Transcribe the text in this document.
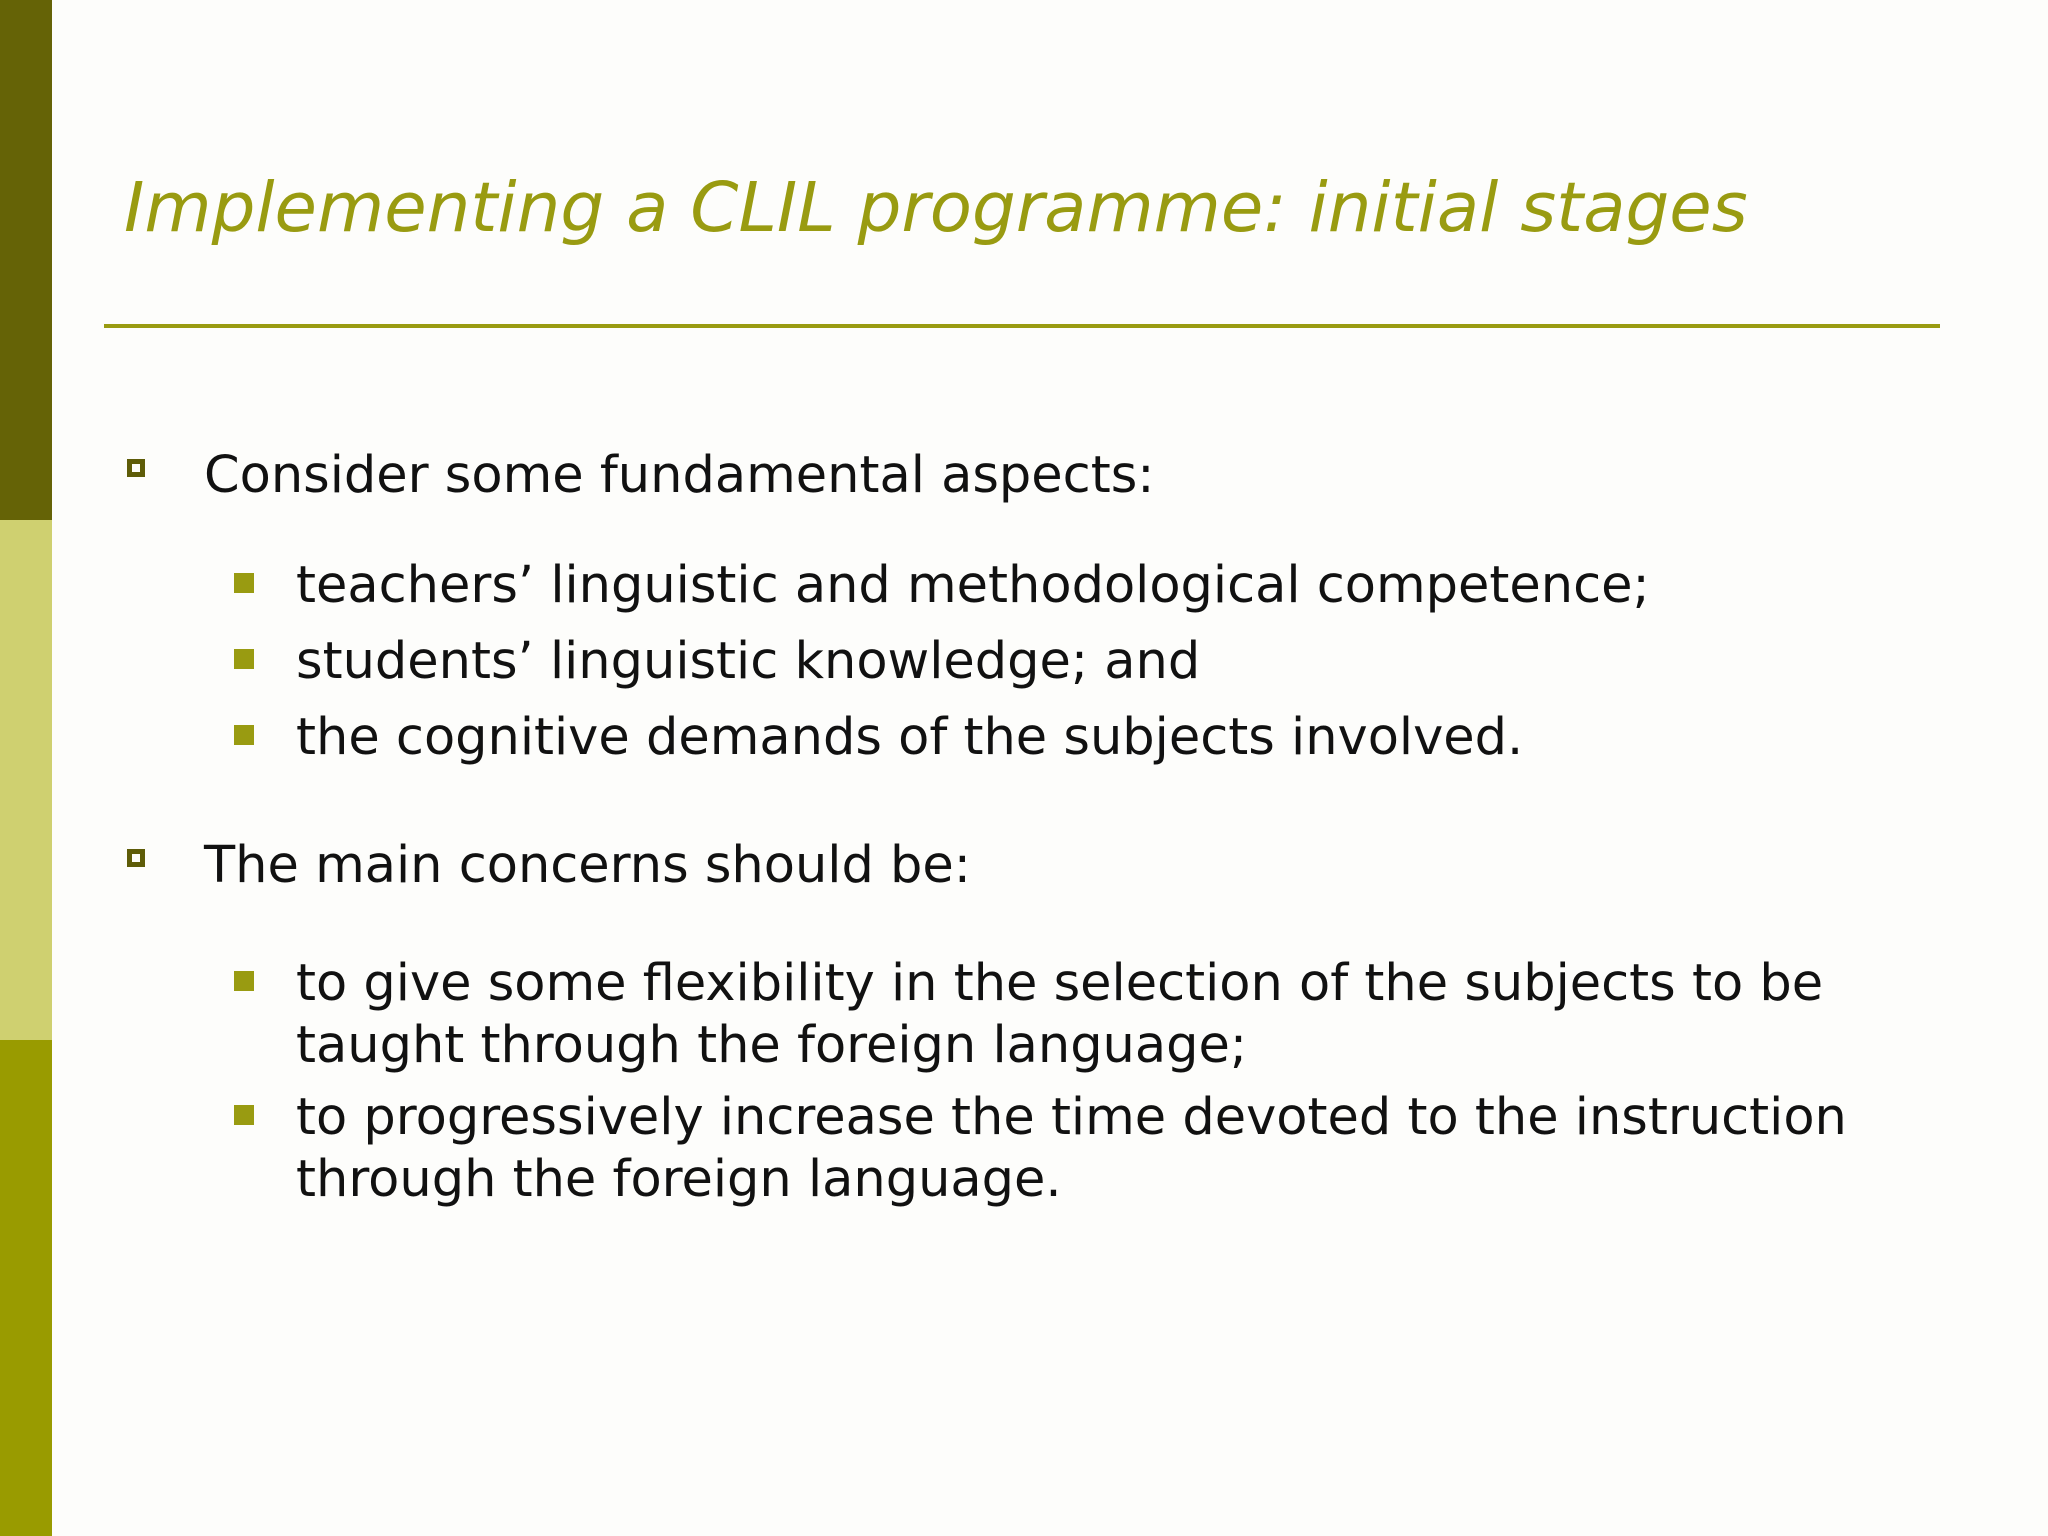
Implementing a CLIL programme: initial stages
Consider some fundamental aspects:
teachers’ linguistic and methodological competence;
students’ linguistic knowledge; and
the cognitive demands of the subjects involved.
The main concerns should be:
to give some flexibility in the selection of the subjects to be taught through the foreign language;
to progressively increase the time devoted to the instruction through the foreign language.
